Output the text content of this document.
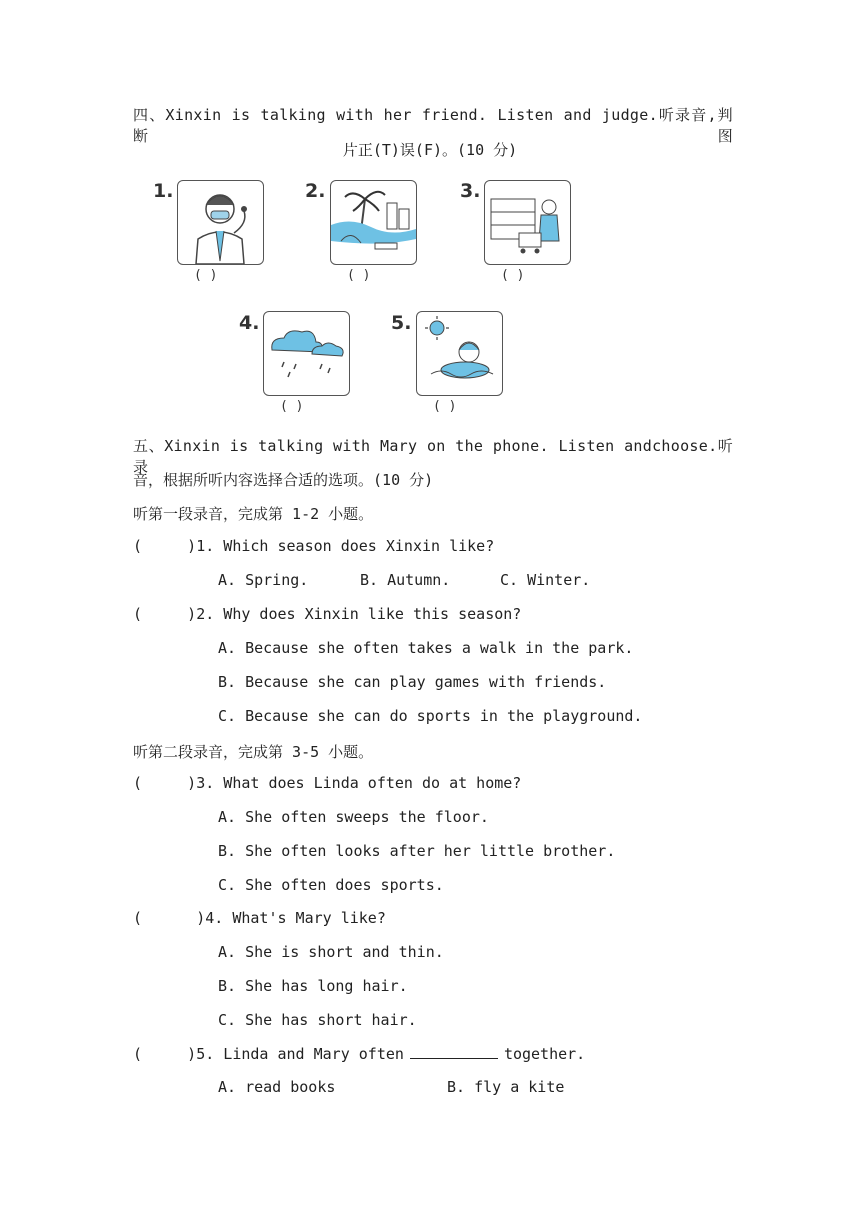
四、Xinxin is talking with her friend. Listen and judge.听录音,判断图
片正(T)误(F)。(10 分)
1.
( )
2.
( )
3.
( )
4.
( )
5.
( )
五、Xinxin is talking with Mary on the phone. Listen andchoose.听录
音，根据所听内容选择合适的选项。(10 分)
听第一段录音，完成第 1-2 小题。
(     )1. Which season does Xinxin like?
A. Spring.	B. Autumn.	C. Winter.
(     )2. Why does Xinxin like this season?
A. Because she often takes a walk in the park.
B. Because she can play games with friends.
C. Because she can do sports in the playground.
听第二段录音，完成第 3-5 小题。
(     )3. What does Linda often do at home?
A. She often sweeps the floor.
B. She often looks after her little brother.
C. She often does sports.
(      )4. What's Mary like?
A. She is short and thin.
B. She has long hair.
C. She has short hair.
(     )5. Linda and Mary often	together.
A. read books	B. fly a kite
